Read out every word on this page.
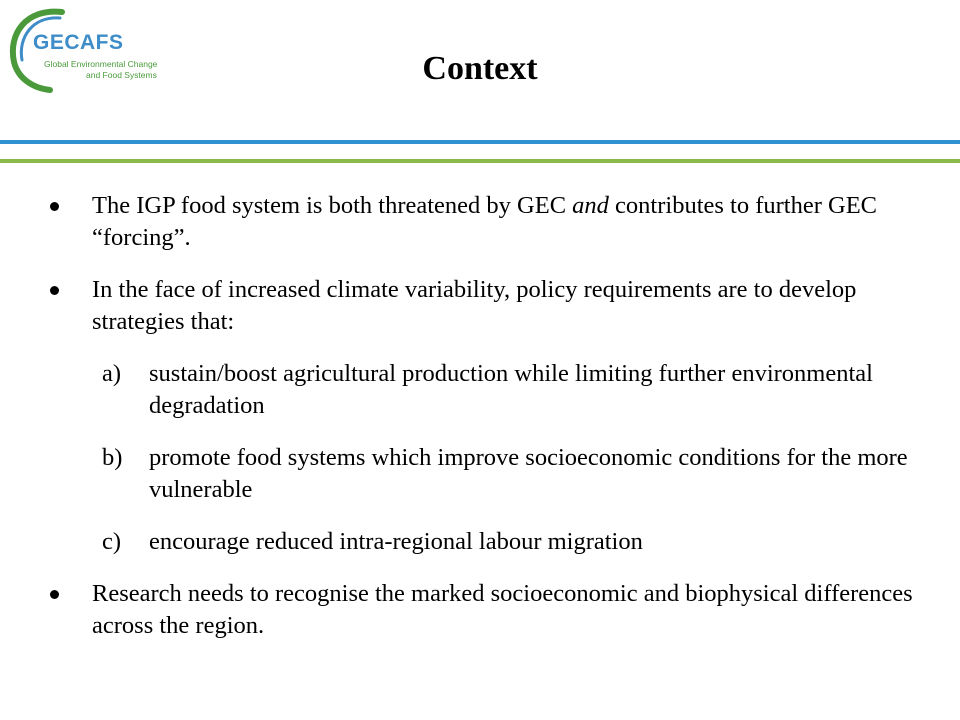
GECAFS
Global Environmental Change
and Food Systems	Context
The IGP food system is both threatened by GEC and contributes to further GEC “forcing”.
In the face of increased climate variability, policy requirements are to develop strategies that:
a) sustain/boost agricultural production while limiting further environmental degradation
b) promote food systems which improve socioeconomic conditions for the more vulnerable
c) encourage reduced intra-regional labour migration
Research needs to recognise the marked socioeconomic and biophysical differences across the region.
